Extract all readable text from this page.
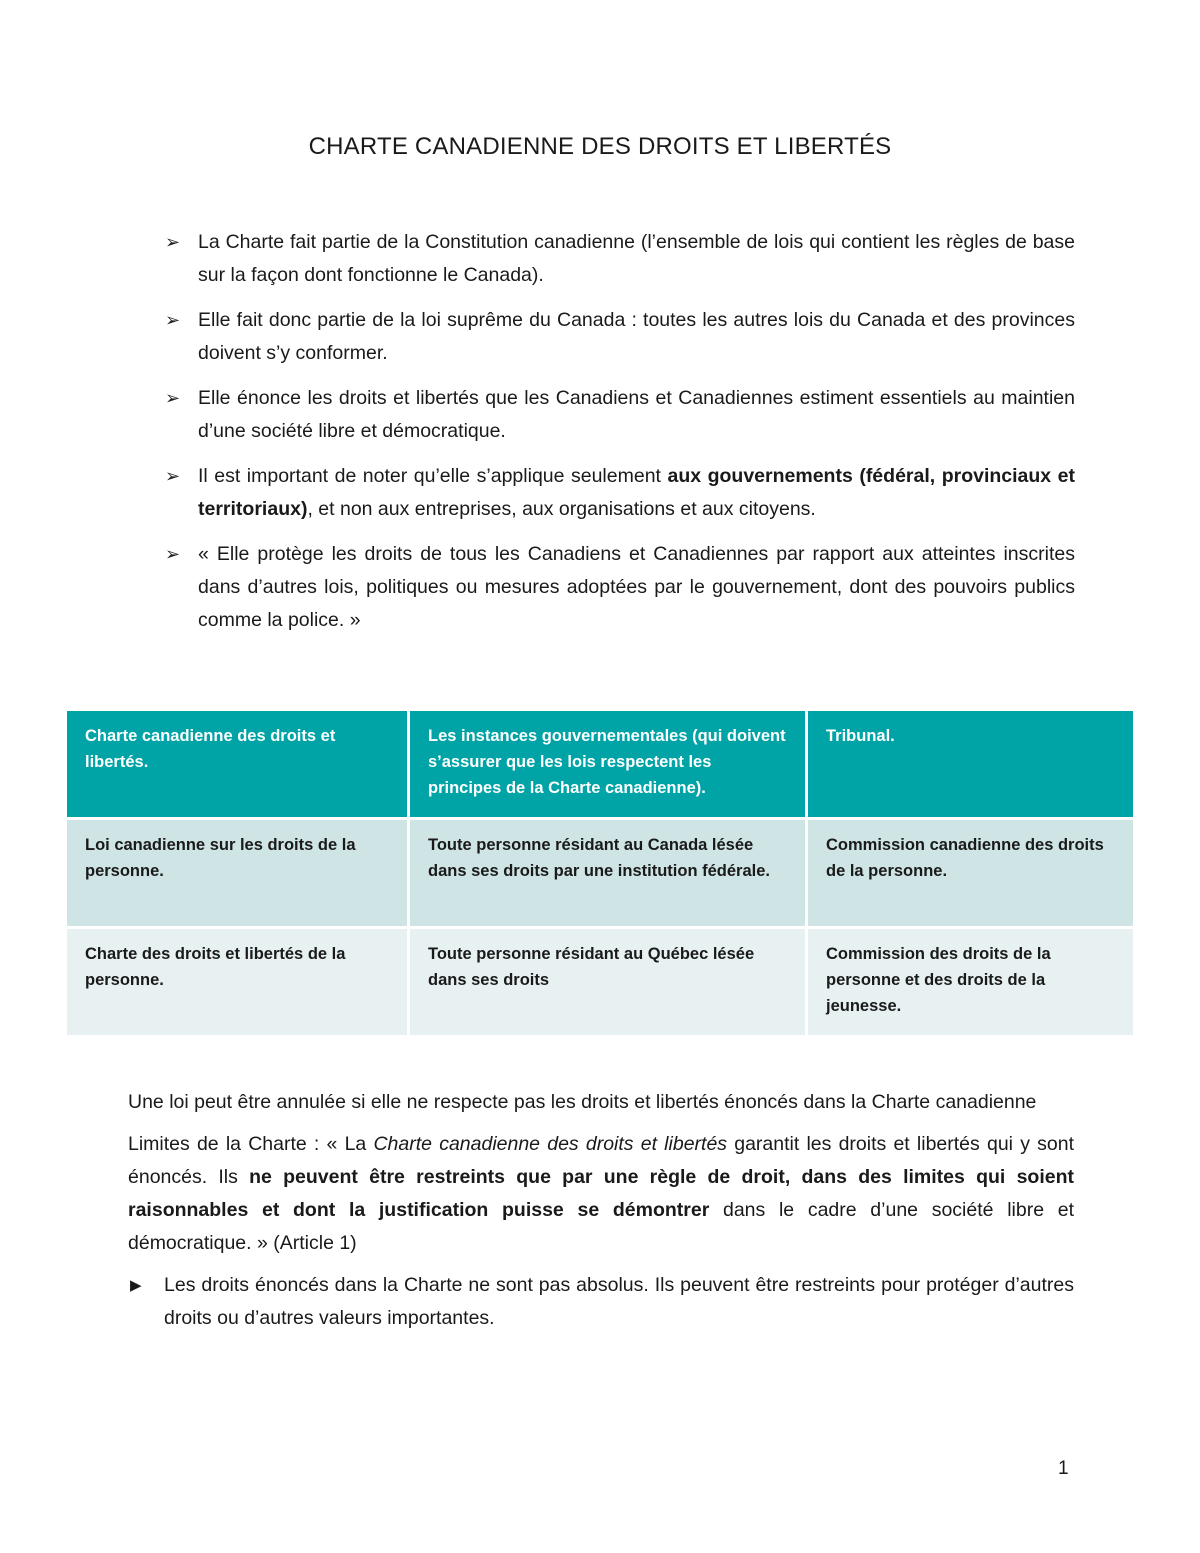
CHARTE CANADIENNE DES DROITS ET LIBERTÉS
➢ La Charte fait partie de la Constitution canadienne (l’ensemble de lois qui contient les règles de base sur la façon dont fonctionne le Canada).
➢ Elle fait donc partie de la loi suprême du Canada : toutes les autres lois du Canada et des provinces doivent s’y conformer.
➢ Elle énonce les droits et libertés que les Canadiens et Canadiennes estiment essentiels au maintien d’une société libre et démocratique.
➢ Il est important de noter qu’elle s’applique seulement aux gouvernements (fédéral, provinciaux et territoriaux), et non aux entreprises, aux organisations et aux citoyens.
➢ « Elle protège les droits de tous les Canadiens et Canadiennes par rapport aux atteintes inscrites dans d’autres lois, politiques ou mesures adoptées par le gouvernement, dont des pouvoirs publics comme la police. »
Charte canadienne des droits et libertés.	Les instances gouvernementales (qui doivent s’assurer que les lois respectent les principes de la Charte canadienne).	Tribunal.
Loi canadienne sur les droits de la personne.	Toute personne résidant au Canada lésée dans ses droits par une institution fédérale.	Commission canadienne des droits de la personne.
Charte des droits et libertés de la personne.	Toute personne résidant au Québec lésée dans ses droits	Commission des droits de la personne et des droits de la jeunesse.
Une loi peut être annulée si elle ne respecte pas les droits et libertés énoncés dans la Charte canadienne
Limites de la Charte : « La Charte canadienne des droits et libertés garantit les droits et libertés qui y sont énoncés. Ils ne peuvent être restreints que par une règle de droit, dans des limites qui soient raisonnables et dont la justification puisse se démontrer dans le cadre d’une société libre et démocratique. » (Article 1)
▶ Les droits énoncés dans la Charte ne sont pas absolus. Ils peuvent être restreints pour protéger d’autres droits ou d’autres valeurs importantes.
1
